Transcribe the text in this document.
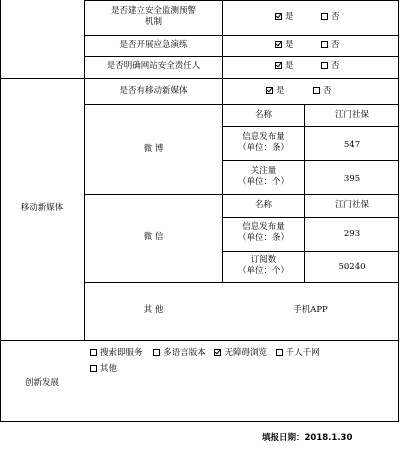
是否建立安全监测预警
机制	是	否
是否开展应急演练	是	否
是否明确网站安全责任人	是	否
移动新媒体
是否有移动新媒体	是	否
微 博
名称	江门社保
信息发布量
（单位：条）	547
关注量
（单位：个）	395
微 信
名称	江门社保
信息发布量
（单位：条）	293
订阅数
（单位：个）	50240
其 他	手机APP
创新发展
搜索即服务 多语言版本 无障碍浏览 千人千网
其他
填报日期：2018.1.30
